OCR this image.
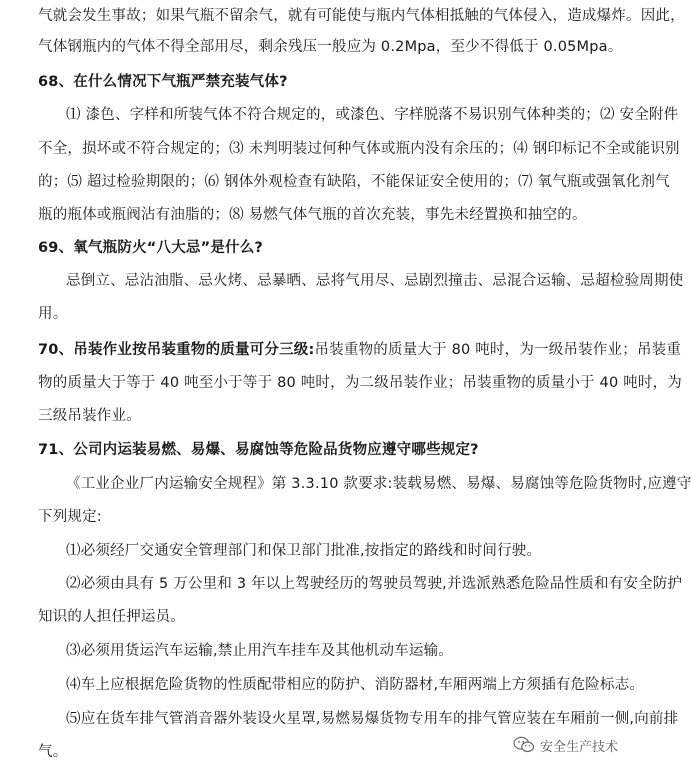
气就会发生事故；如果气瓶不留余气，就有可能使与瓶内气体相抵触的气体侵入，造成爆炸。因此，
气体钢瓶内的气体不得全部用尽，剩余残压一般应为 0.2Mpa，至少不得低于 0.05Mpa。
68、在什么情况下气瓶严禁充装气体?
⑴ 漆色、字样和所装气体不符合规定的，或漆色、字样脱落不易识别气体种类的；⑵ 安全附件
不全，损坏或不符合规定的；⑶ 未判明装过何种气体或瓶内没有余压的；⑷ 钢印标记不全或能识别
的；⑸ 超过检验期限的；⑹ 钢体外观检查有缺陷，不能保证安全使用的；⑺ 氧气瓶或强氧化剂气
瓶的瓶体或瓶阀沾有油脂的；⑻ 易燃气体气瓶的首次充装，事先未经置换和抽空的。
69、氧气瓶防火“八大忌”是什么?
忌倒立、忌沾油脂、忌火烤、忌暴晒、忌将气用尽、忌剧烈撞击、忌混合运输、忌超检验周期使
用。
70、吊装作业按吊装重物的质量可分三级:吊装重物的质量大于 80 吨时，为一级吊装作业；吊装重
物的质量大于等于 40 吨至小于等于 80 吨时，为二级吊装作业；吊装重物的质量小于 40 吨时，为
三级吊装作业。
71、公司内运装易燃、易爆、易腐蚀等危险品货物应遵守哪些规定?
《工业企业厂内运输安全规程》第 3.3.10 款要求:装载易燃、易爆、易腐蚀等危险货物时,应遵守
下列规定:
⑴必须经厂交通安全管理部门和保卫部门批准,按指定的路线和时间行驶。
⑵必须由具有 5 万公里和 3 年以上驾驶经历的驾驶员驾驶,并选派熟悉危险品性质和有安全防护
知识的人担任押运员。
⑶必须用货运汽车运输,禁止用汽车挂车及其他机动车运输。
⑷车上应根据危险货物的性质配带相应的防护、消防器材,车厢两端上方须插有危险标志。
⑸应在货车排气管消音器外装设火星罩,易燃易爆货物专用车的排气管应装在车厢前一侧,向前排
气。	安全生产技术
